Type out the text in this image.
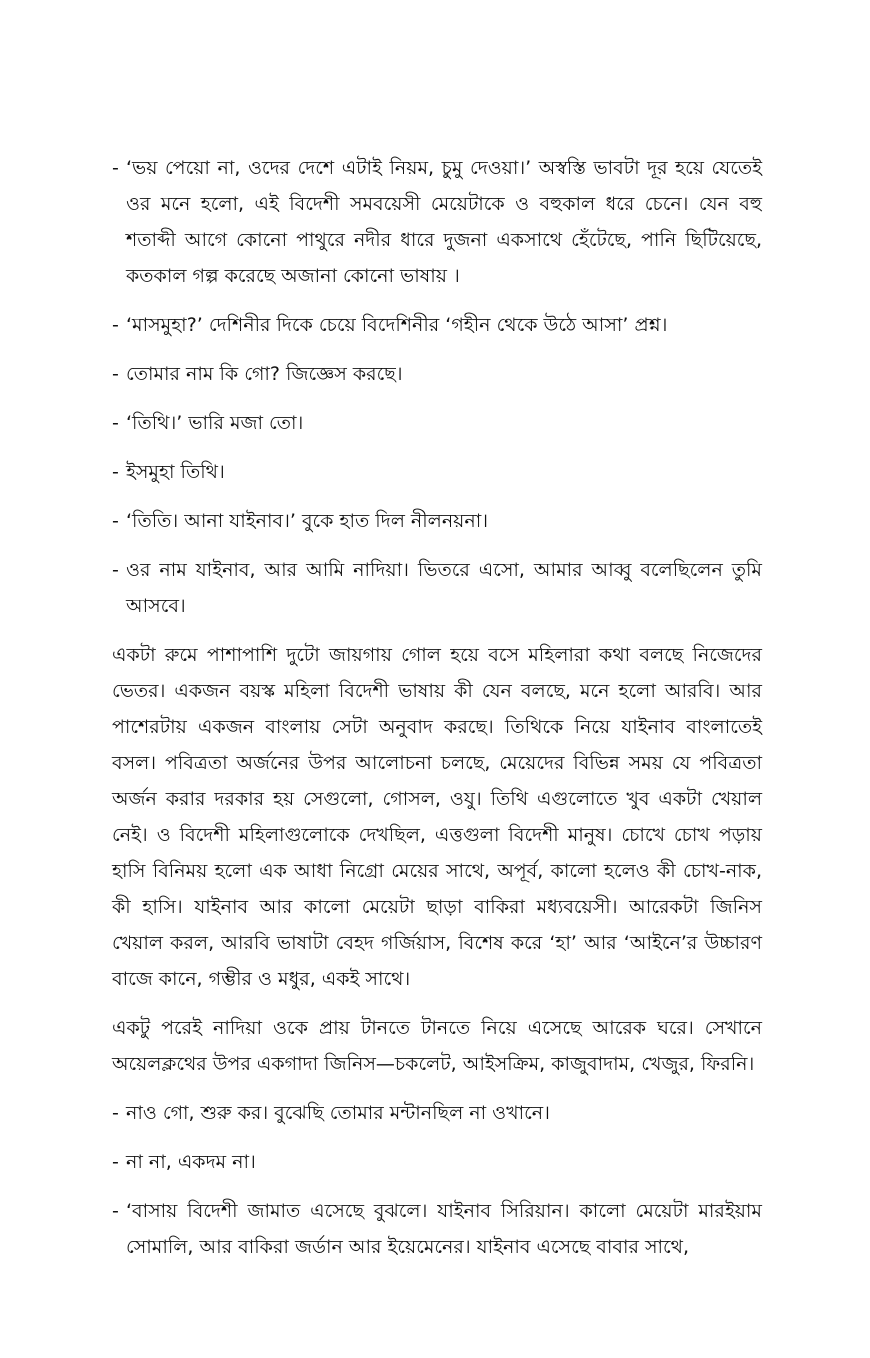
- ‘ভয় পেয়ো না, ওদের দেশে এটাই নিয়ম, চুমু দেওয়া।’ অস্বস্তি ভাবটা দূর হয়ে যেতেই ওর মনে হলো, এই বিদেশী সমবয়েসী মেয়েটাকে ও বহুকাল ধরে চেনে। যেন বহু শতাব্দী আগে কোনো পাথুরে নদীর ধারে দুজনা একসাথে হেঁটেছে, পানি ছিটিয়েছে, কতকাল গল্প করেছে অজানা কোনো ভাষায় ।

- ‘মাসমুহা?’ দেশিনীর দিকে চেয়ে বিদেশিনীর ‘গহীন থেকে উঠে আসা’ প্রশ্ন।

- তোমার নাম কি গো? জিজ্ঞেস করছে।

- ‘তিথি।’ ভারি মজা তো।

- ইসমুহা তিথি।

- ‘তিতি। আনা যাইনাব।’ বুকে হাত দিল নীলনয়না।

- ওর নাম যাইনাব, আর আমি নাদিয়া। ভিতরে এসো, আমার আব্বু বলেছিলেন তুমি আসবে।

একটা রুমে পাশাপাশি দুটো জায়গায় গোল হয়ে বসে মহিলারা কথা বলছে নিজেদের ভেতর। একজন বয়স্ক মহিলা বিদেশী ভাষায় কী যেন বলছে, মনে হলো আরবি। আর পাশেরটায় একজন বাংলায় সেটা অনুবাদ করছে। তিথিকে নিয়ে যাইনাব বাংলাতেই বসল। পবিত্রতা অর্জনের উপর আলোচনা চলছে, মেয়েদের বিভিন্ন সময় যে পবিত্রতা অর্জন করার দরকার হয় সেগুলো, গোসল, ওযু। তিথি এগুলোতে খুব একটা খেয়াল নেই। ও বিদেশী মহিলাগুলোকে দেখছিল, এত্তগুলা বিদেশী মানুষ। চোখে চোখ পড়ায় হাসি বিনিময় হলো এক আধা নিগ্রো মেয়ের সাথে, অপূর্ব, কালো হলেও কী চোখ-নাক, কী হাসি। যাইনাব আর কালো মেয়েটা ছাড়া বাকিরা মধ্যবয়েসী। আরেকটা জিনিস খেয়াল করল, আরবি ভাষাটা বেহদ গর্জিয়াস, বিশেষ করে ‘হা’ আর ‘আইনে’র উচ্চারণ বাজে কানে, গম্ভীর ও মধুর, একই সাথে।

একটু পরেই নাদিয়া ওকে প্রায় টানতে টানতে নিয়ে এসেছে আরেক ঘরে। সেখানে অয়েলক্লথের উপর একগাদা জিনিস—চকলেট, আইসক্রিম, কাজুবাদাম, খেজুর, ফিরনি।

- নাও গো, শুরু কর। বুঝেছি তোমার মন্টানছিল না ওখানে।

- না না, একদম না।

- ‘বাসায় বিদেশী জামাত এসেছে বুঝলে। যাইনাব সিরিয়ান। কালো মেয়েটা মারইয়াম সোমালি, আর বাকিরা জর্ডান আর ইয়েমেনের। যাইনাব এসেছে বাবার সাথে,
